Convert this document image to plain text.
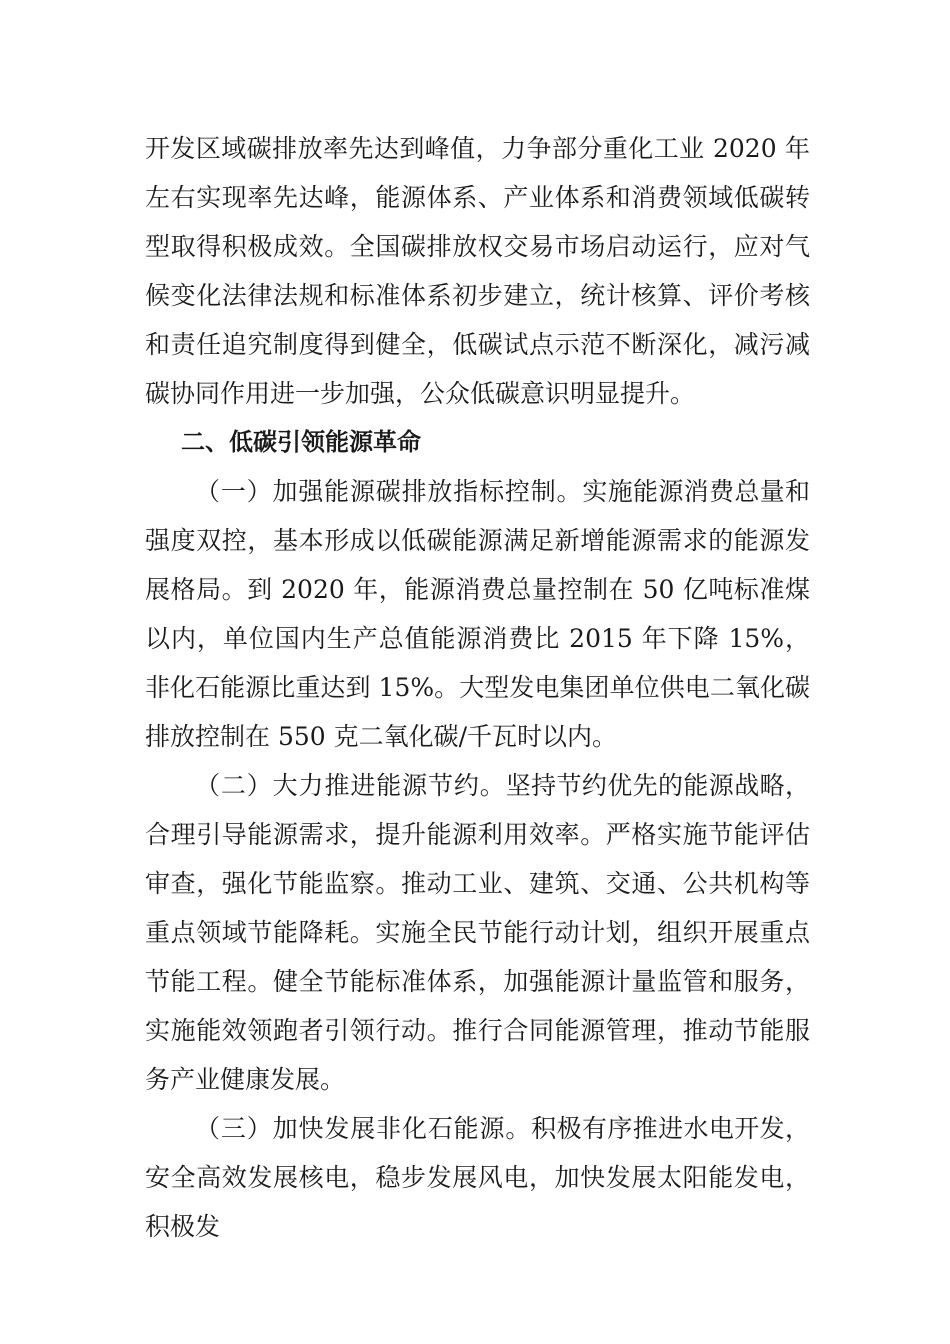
开发区域碳排放率先达到峰值，力争部分重化工业 2020 年左右实现率先达峰，能源体系、产业体系和消费领域低碳转型取得积极成效。全国碳排放权交易市场启动运行，应对气候变化法律法规和标准体系初步建立，统计核算、评价考核和责任追究制度得到健全，低碳试点示范不断深化，减污减碳协同作用进一步加强，公众低碳意识明显提升。

二、低碳引领能源革命

（一）加强能源碳排放指标控制。实施能源消费总量和强度双控，基本形成以低碳能源满足新增能源需求的能源发展格局。到 2020 年，能源消费总量控制在 50 亿吨标准煤以内，单位国内生产总值能源消费比 2015 年下降 15%，非化石能源比重达到 15%。大型发电集团单位供电二氧化碳排放控制在 550 克二氧化碳/千瓦时以内。

（二）大力推进能源节约。坚持节约优先的能源战略，合理引导能源需求，提升能源利用效率。严格实施节能评估审查，强化节能监察。推动工业、建筑、交通、公共机构等重点领域节能降耗。实施全民节能行动计划，组织开展重点节能工程。健全节能标准体系，加强能源计量监管和服务，实施能效领跑者引领行动。推行合同能源管理，推动节能服务产业健康发展。

（三）加快发展非化石能源。积极有序推进水电开发，安全高效发展核电，稳步发展风电，加快发展太阳能发电，积极发
